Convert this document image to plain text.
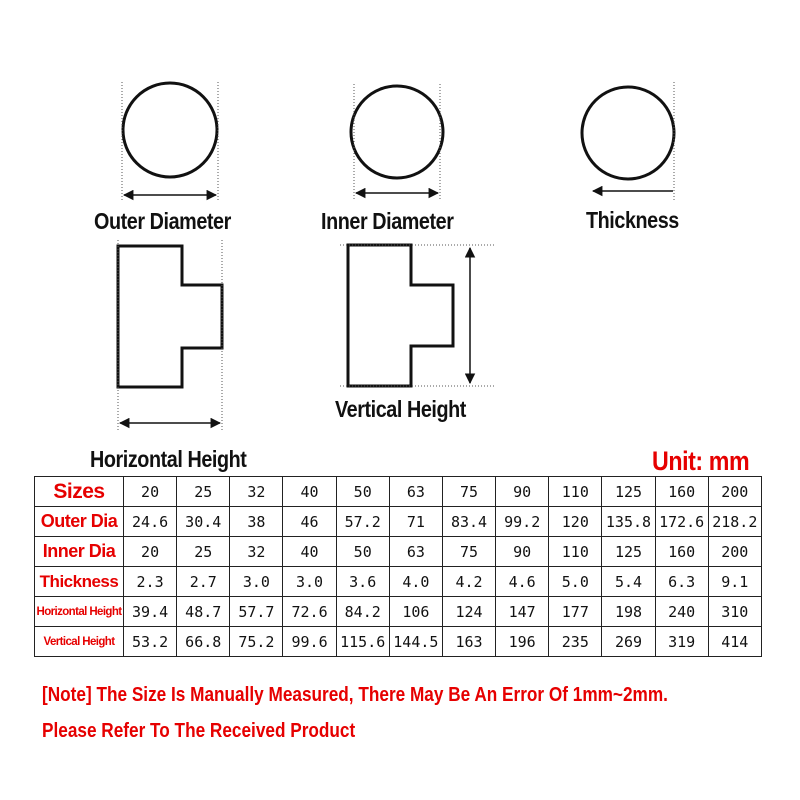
Outer Diameter	Inner Diameter	Thickness
Vertical Height
Horizontal Height	Unit: mm
Sizes	20	25	32	40	50	63	75	90	110	125	160	200
Outer Dia	24.6	30.4	38	46	57.2	71	83.4	99.2	120	135.8	172.6	218.2
Inner Dia	20	25	32	40	50	63	75	90	110	125	160	200
Thickness	2.3	2.7	3.0	3.0	3.6	4.0	4.2	4.6	5.0	5.4	6.3	9.1
Horizontal Height	39.4	48.7	57.7	72.6	84.2	106	124	147	177	198	240	310
Vertical Height	53.2	66.8	75.2	99.6	115.6	144.5	163	196	235	269	319	414
[Note] The Size Is Manually Measured, There May Be An Error Of 1mm~2mm.
Please Refer To The Received Product
